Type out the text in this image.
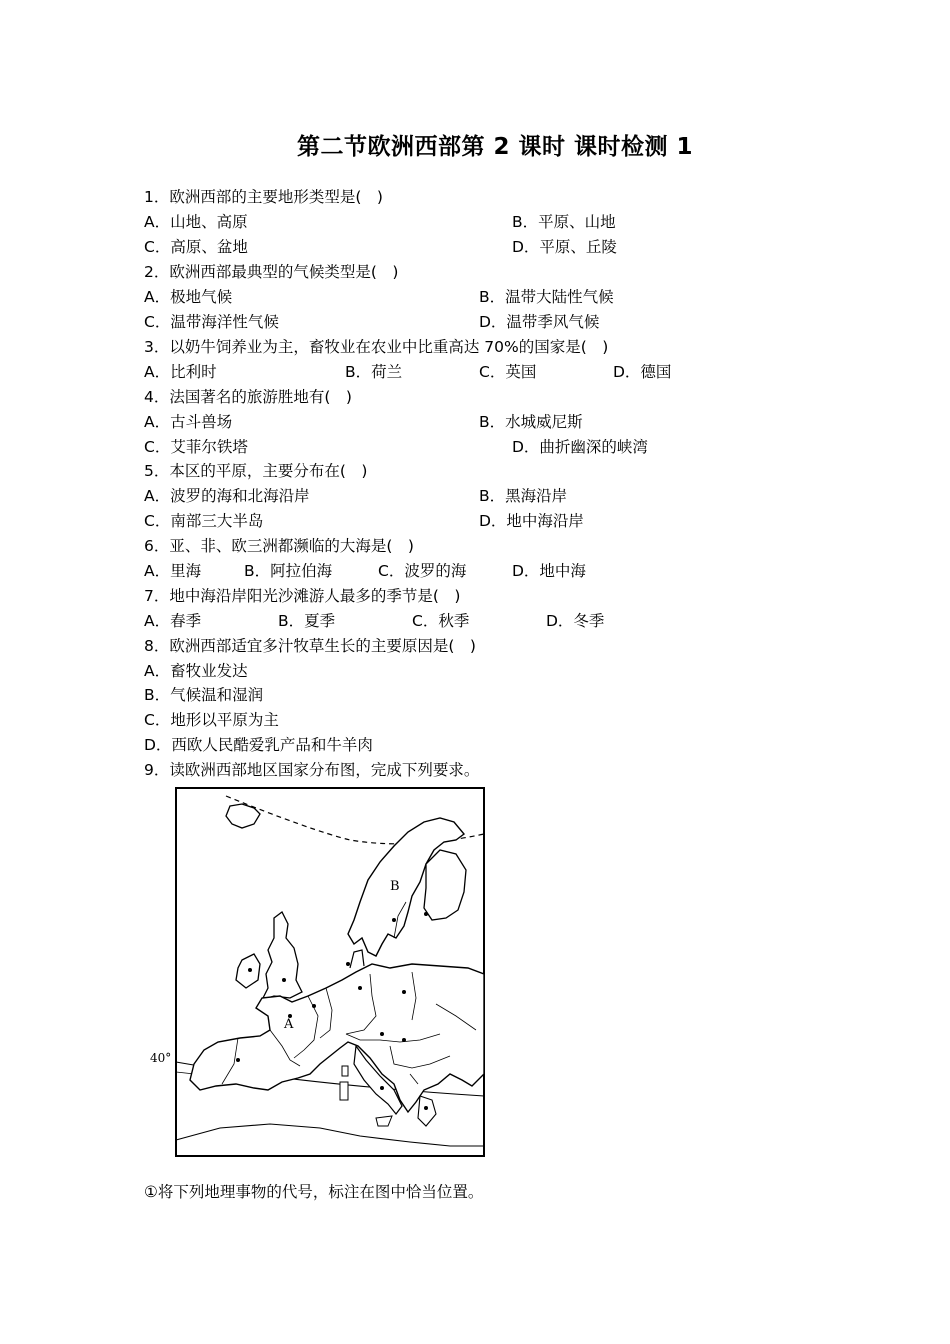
第二节欧洲西部第 2 课时 课时检测 1
1．欧洲西部的主要地形类型是(　)
A．山地、高原	B．平原、山地
C．高原、盆地	D．平原、丘陵
2．欧洲西部最典型的气候类型是(　)
A．极地气候	B．温带大陆性气候
C．温带海洋性气候	D．温带季风气候
3．以奶牛饲养业为主，畜牧业在农业中比重高达 70%的国家是(　)
A．比利时	B．荷兰	C．英国	D．德国
4．法国著名的旅游胜地有(　)
A．古斗兽场	B．水城威尼斯
C．艾菲尔铁塔	D．曲折幽深的峡湾
5．本区的平原，主要分布在(　)
A．波罗的海和北海沿岸	B．黑海沿岸
C．南部三大半岛	D．地中海沿岸
6．亚、非、欧三洲都濒临的大海是(　)
A．里海	B．阿拉伯海	C．波罗的海	D．地中海
7．地中海沿岸阳光沙滩游人最多的季节是(　)
A．春季	B．夏季	C．秋季	D．冬季
8．欧洲西部适宜多汁牧草生长的主要原因是(　)
A．畜牧业发达
B．气候温和湿润
C．地形以平原为主
D．西欧人民酷爱乳产品和牛羊肉
9．读欧洲西部地区国家分布图，完成下列要求。
B
A
40°
①将下列地理事物的代号，标注在图中恰当位置。
